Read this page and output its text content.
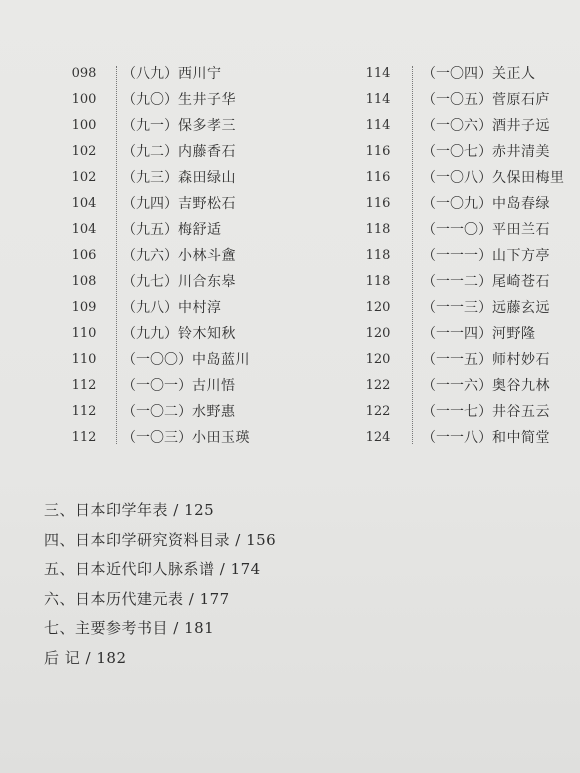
098	（八九） 西川宁
100	（九〇） 生井子华
100	（九一） 保多孝三
102	（九二） 内藤香石
102	（九三） 森田绿山
104	（九四） 吉野松石
104	（九五） 梅舒适
106	（九六） 小林斗盦
108	（九七） 川合东皋
109	（九八） 中村淳
110	（九九） 铃木知秋
110	（一〇〇） 中岛蓝川
112	（一〇一） 古川悟
112	（一〇二） 水野惠
112	（一〇三） 小田玉瑛
114	（一〇四） 关正人
114	（一〇五） 菅原石庐
114	（一〇六） 酒井子远
116	（一〇七） 赤井清美
116	（一〇八） 久保田梅里
116	（一〇九） 中岛春绿
118	（一一〇） 平田兰石
118	（一一一） 山下方亭
118	（一一二） 尾崎苍石
120	（一一三） 远藤玄远
120	（一一四） 河野隆
120	（一一五） 师村妙石
122	（一一六） 奥谷九林
122	（一一七） 井谷五云
124	（一一八） 和中简堂
三、日本印学年表 / 125
四、日本印学研究资料目录 / 156
五、日本近代印人脉系谱 / 174
六、日本历代建元表 / 177
七、主要参考书目 / 181
后 记 / 182
